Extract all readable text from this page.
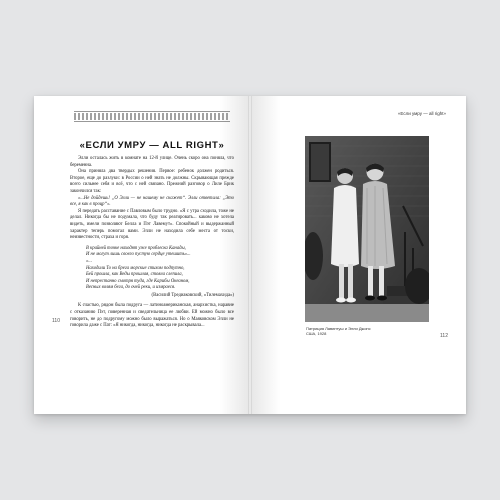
«ЕСЛИ УМРУ — ALL RIGHT»
110

Элли осталась жить в комнате на 12-й улице. Очень скоро она поняла, что беременна.

Она приняла два твердых решения. Первое: ребенок должен родиться. Второе, еще до разлуки: в России о ней знать не должны. Скрывающая прежде всего сильнее себя и всё, что с ней связано. Прежний разговор о Лиле Брик закончился так:

«...Не дойдешь! „О Элли — не нашему не скажет“. Элли ответила: „Это все, я как в процр“».

Я передать расставание с Павловым было трудно. «Я с утра сходила, тоже не делал. Никогда бы не подумала, что буду так реагировать... каково не хотела видеть, имели позволяют Белла и Пэт Лавемут». Спокойный и выдержанный характер теперь помогал вами. Элли не находила себе места от тоски, неизвестности, страха и горя.

В крайней точке находят уже проблеска Канады,

И не могут лишь своего пустую сердце утешить»...

«...

Находили То на брега морские стихом подпутно,

Бей прошла, как Веды прошлая, стояла слепила,

И непрестанно смотря туда, где Карибы Океаном,

Весных волям бега, до очей реки, и измраеся.

(Василий Тредиаковский, «Тилемахида»)

К счастью, рядом была подруга — латиноамериканская, анархистка, наравне с отказанию Пэт, поверенная и сведательница ее любви. Ей можно было все говорить, не до подругому можно было выражаться. Но о Маяковском Элли не говорила даже с Пат: «Я никогда, никогда, никогда не раскрывала...

«Если умру — all right»
112
Патриция Лавинтуш и Элли Джонс
США, 1928
